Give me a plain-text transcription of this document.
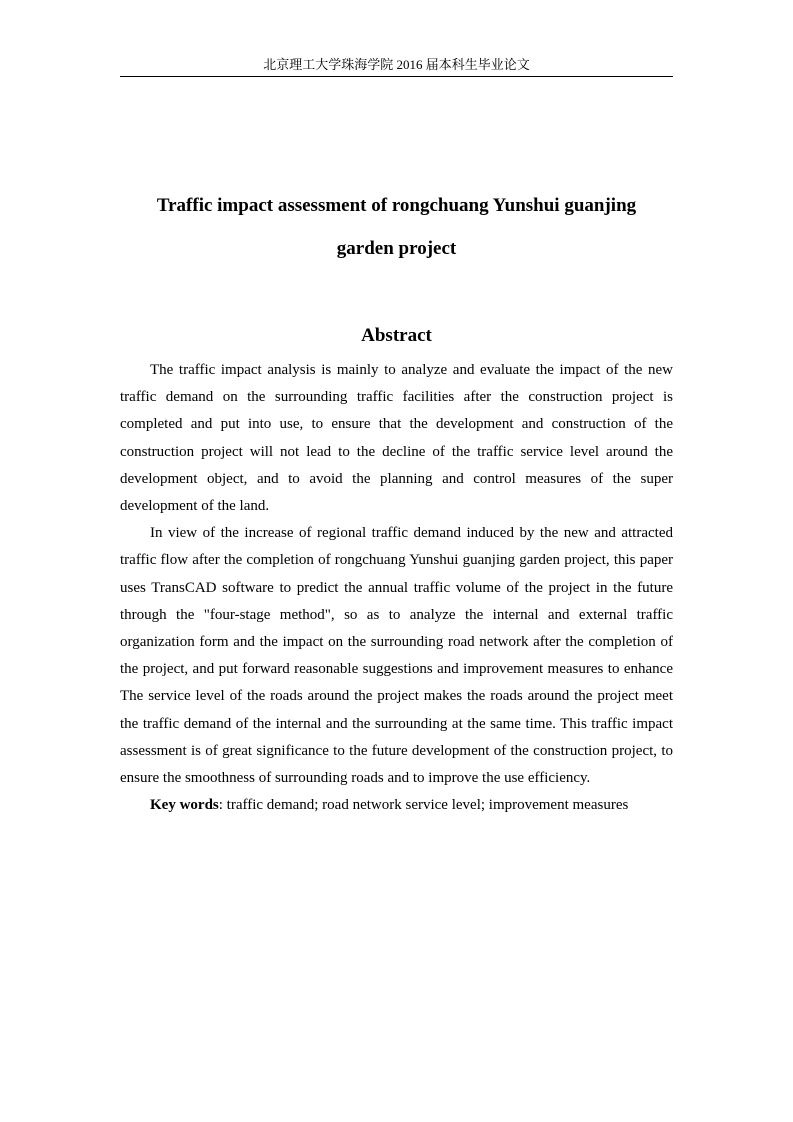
北京理工大学珠海学院 2016 届本科生毕业论文
Traffic impact assessment of rongchuang Yunshui guanjing
garden project
Abstract

The traffic impact analysis is mainly to analyze and evaluate the impact of the new traffic demand on the surrounding traffic facilities after the construction project is completed and put into use, to ensure that the development and construction of the construction project will not lead to the decline of the traffic service level around the development object, and to avoid the planning and control measures of the super development of the land.

In view of the increase of regional traffic demand induced by the new and attracted traffic flow after the completion of rongchuang Yunshui guanjing garden project, this paper uses TransCAD software to predict the annual traffic volume of the project in the future through the "four-stage method", so as to analyze the internal and external traffic organization form and the impact on the surrounding road network after the completion of the project, and put forward reasonable suggestions and improvement measures to enhance The service level of the roads around the project makes the roads around the project meet the traffic demand of the internal and the surrounding at the same time. This traffic impact assessment is of great significance to the future development of the construction project, to ensure the smoothness of surrounding roads and to improve the use efficiency.

Key words: traffic demand; road network service level; improvement measures
